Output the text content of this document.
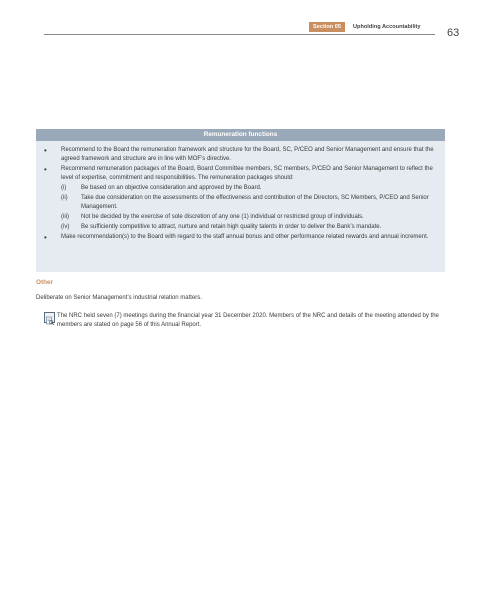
Section 05	Upholding Accountability 63
Remuneration functions
• Recommend to the Board the remuneration framework and structure for the Board, SC, P/CEO and Senior Management and ensure that the agreed framework and structure are in line with MOF’s directive.
• Recommend remuneration packages of the Board, Board Committee members, SC members, P/CEO and Senior Management to reflect the level of expertise, commitment and responsibilities. The remuneration packages should:
(i)	Be based on an objective consideration and approved by the Board.
(ii)	Take due consideration on the assessments of the effectiveness and contribution of the Directors, SC Members, P/CEO and Senior Management.
(iii)	Not be decided by the exercise of sole discretion of any one (1) individual or restricted group of individuals.
(iv)	Be sufficiently competitive to attract, nurture and retain high quality talents in order to deliver the Bank’s mandate.
• Make recommendation(s) to the Board with regard to the staff annual bonus and other performance related rewards and annual increment.
Other
Deliberate on Senior Management’s industrial relation matters.
The NRC held seven (7) meetings during the financial year 31 December 2020. Members of the NRC and details of the meeting attended by the members are stated on page 56 of this Annual Report.
